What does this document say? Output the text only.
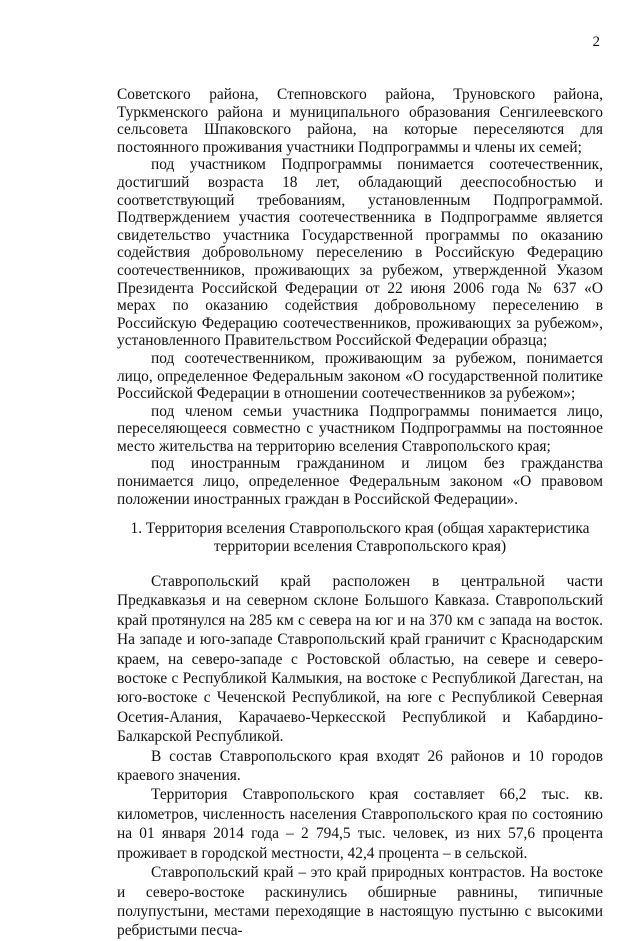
2

Советского района, Степновского района, Труновского района, Туркменского района и муниципального образования Сенгилеевского сельсовета Шпаковского района, на которые переселяются для постоянного проживания участники Подпрограммы и члены их семей;

под участником Подпрограммы понимается соотечественник, достигший возраста 18 лет, обладающий дееспособностью и соответствующий требованиям, установленным Подпрограммой. Подтверждением участия соотечественника в Подпрограмме является свидетельство участника Государственной программы по оказанию содействия добровольному переселению в Российскую Федерацию соотечественников, проживающих за рубежом, утвержденной Указом Президента Российской Федерации от 22 июня 2006 года № 637 «О мерах по оказанию содействия добровольному переселению в Российскую Федерацию соотечественников, проживающих за рубежом», установленного Правительством Российской Федерации образца;

под соотечественником, проживающим за рубежом, понимается лицо, определенное Федеральным законом «О государственной политике Российской Федерации в отношении соотечественников за рубежом»;

под членом семьи участника Подпрограммы понимается лицо, переселяющееся совместно с участником Подпрограммы на постоянное место жительства на территорию вселения Ставропольского края;

под иностранным гражданином и лицом без гражданства понимается лицо, определенное Федеральным законом «О правовом положении иностранных граждан в Российской Федерации».

1. Территория вселения Ставропольского края (общая характеристика
территории вселения Ставропольского края)

Ставропольский край расположен в центральной части Предкавказья и на северном склоне Большого Кавказа. Ставропольский край протянулся на 285 км с севера на юг и на 370 км с запада на восток. На западе и юго-западе Ставропольский край граничит с Краснодарским краем, на северо-западе с Ростовской областью, на севере и северо-востоке с Республикой Калмыкия, на востоке с Республикой Дагестан, на юго-востоке с Чеченской Республикой, на юге с Республикой Северная Осетия-Алания, Карачаево-Черкесской Республикой и Кабардино-Балкарской Республикой.

В состав Ставропольского края входят 26 районов и 10 городов краевого значения.

Территория Ставропольского края составляет 66,2 тыс. кв. километров, численность населения Ставропольского края по состоянию на 01 января 2014 года – 2 794,5 тыс. человек, из них 57,6 процента проживает в городской местности, 42,4 процента – в сельской.

Ставропольский край – это край природных контрастов. На востоке и северо-востоке раскинулись обширные равнины, типичные полупустыни, местами переходящие в настоящую пустыню с высокими ребристыми песча-
